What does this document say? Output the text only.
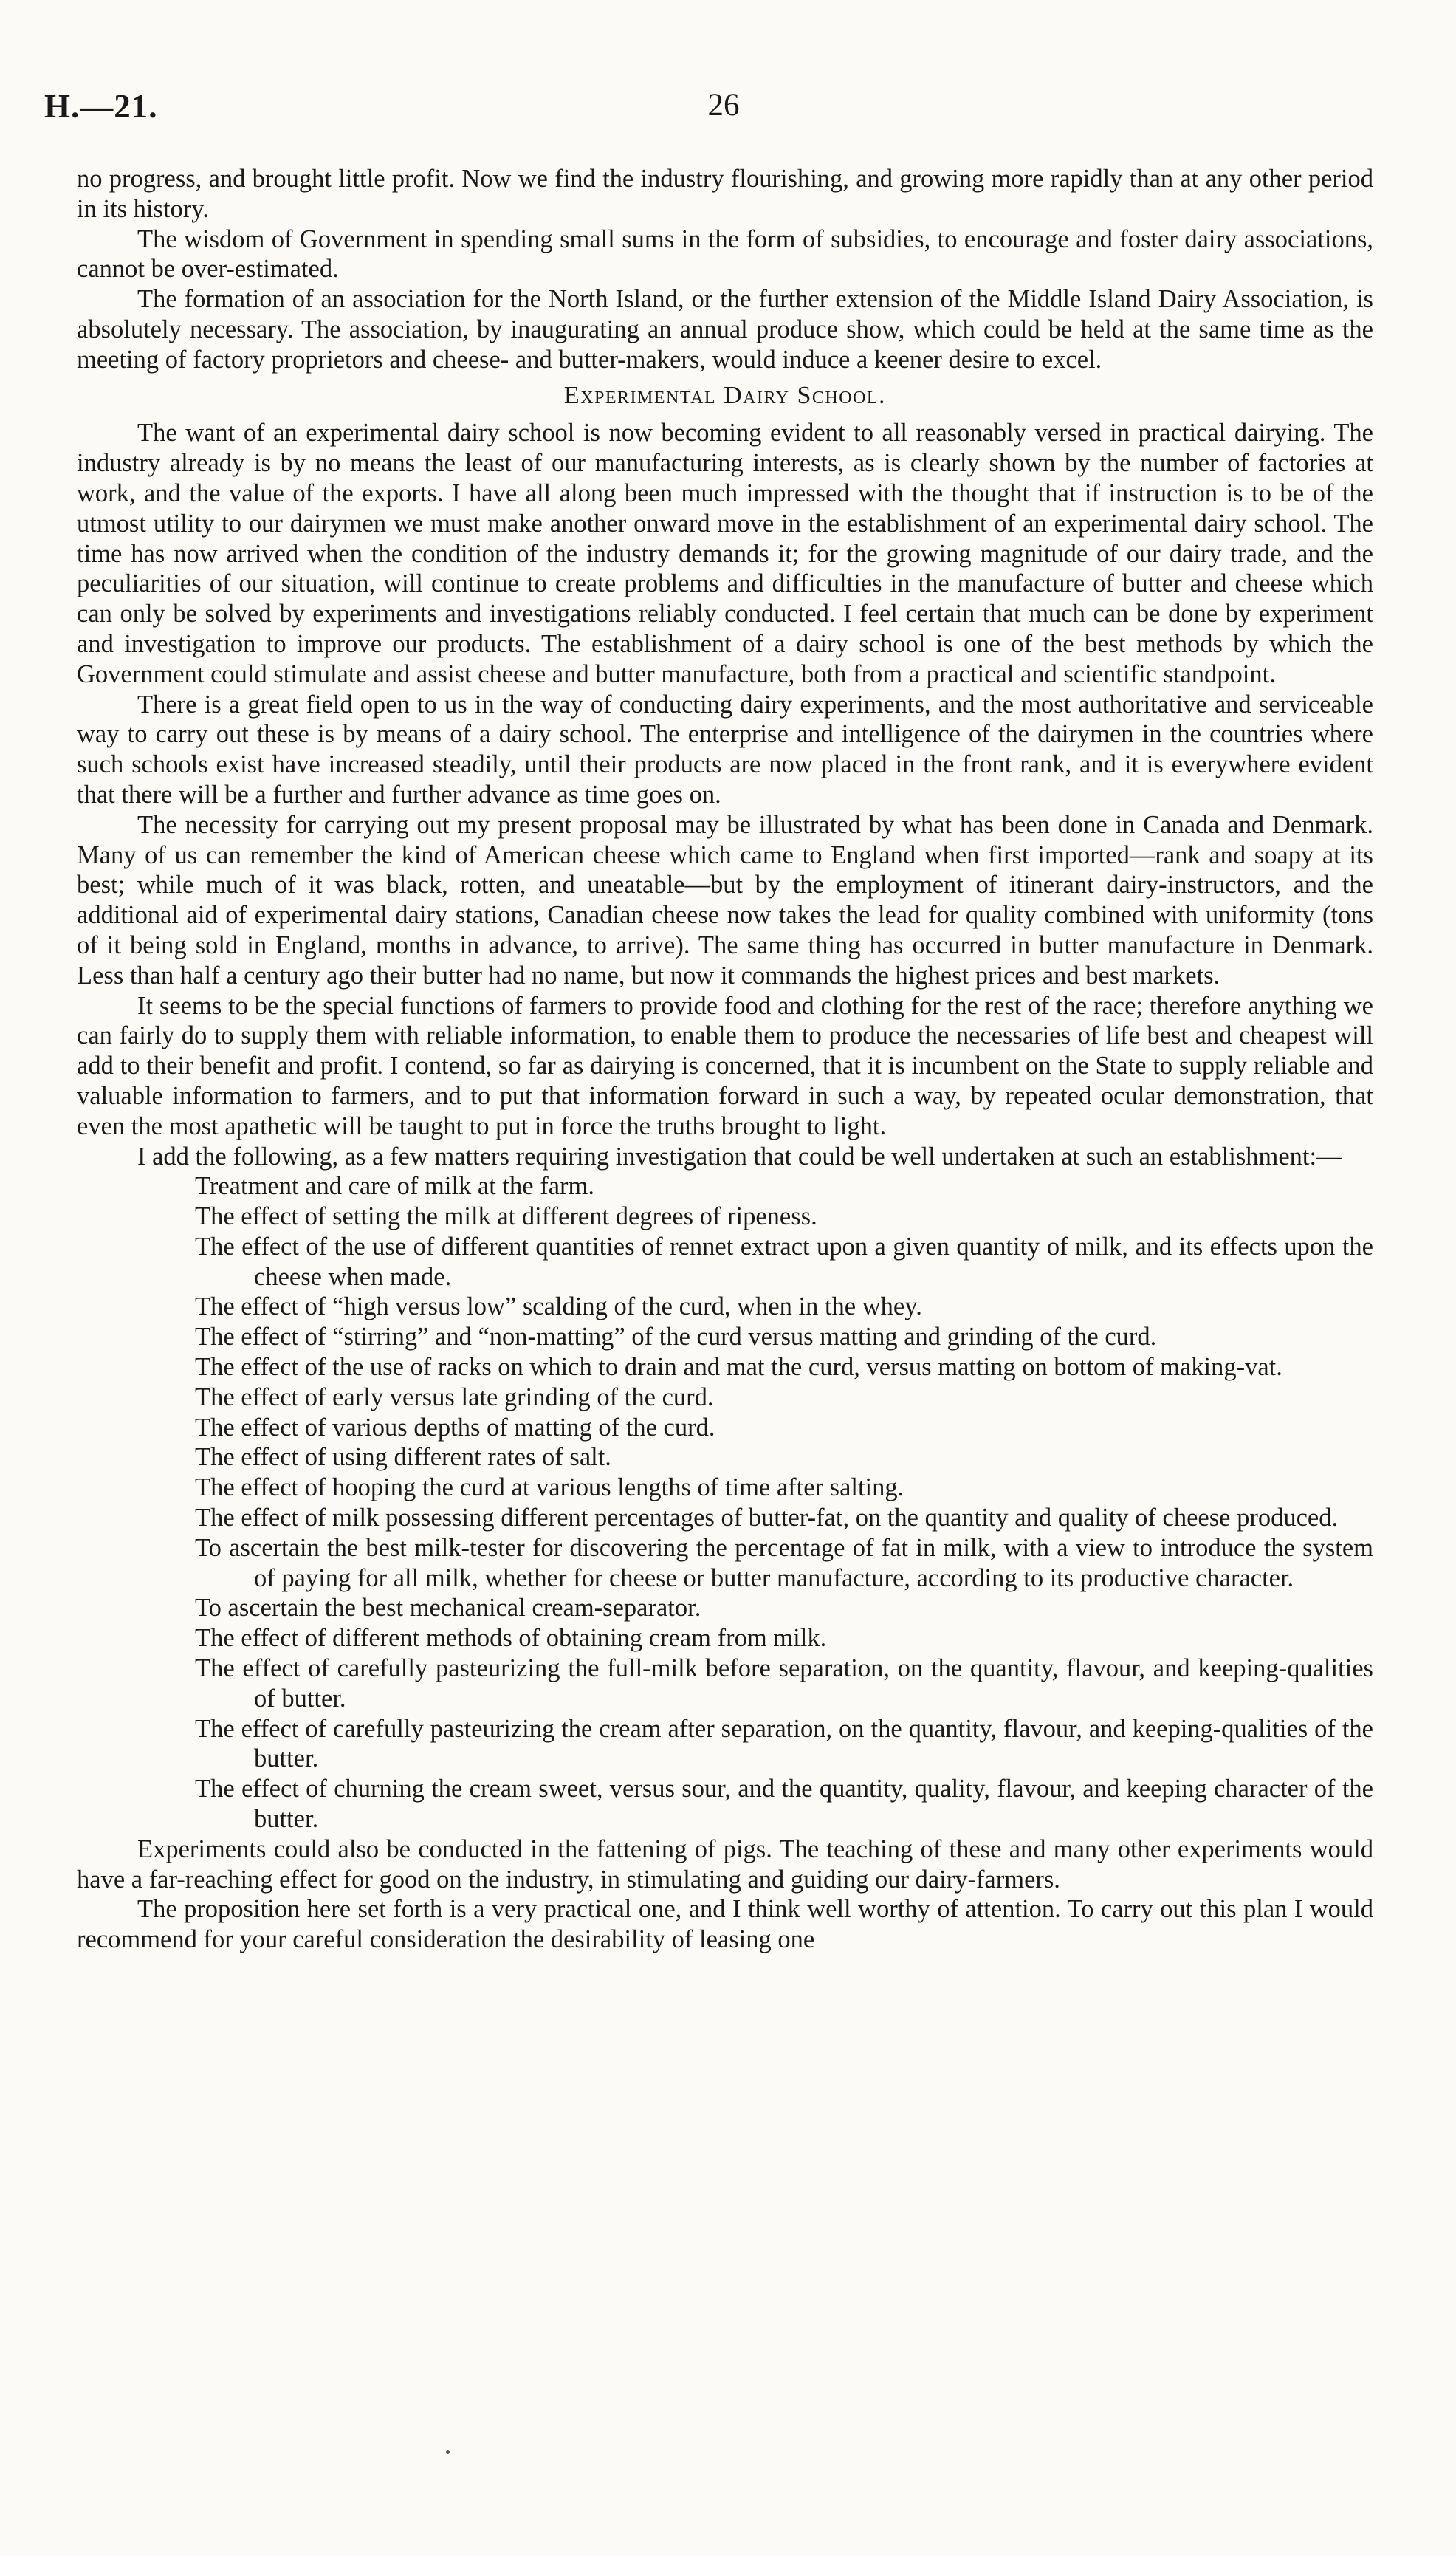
H.—21.	26

no progress, and brought little profit. Now we find the industry flourishing, and growing more rapidly than at any other period in its history.

The wisdom of Government in spending small sums in the form of subsidies, to encourage and foster dairy associations, cannot be over-estimated.

The formation of an association for the North Island, or the further extension of the Middle Island Dairy Association, is absolutely necessary. The association, by inaugurating an annual produce show, which could be held at the same time as the meeting of factory proprietors and cheese- and butter-makers, would induce a keener desire to excel.

Experimental Dairy School.

The want of an experimental dairy school is now becoming evident to all reasonably versed in practical dairying. The industry already is by no means the least of our manufacturing interests, as is clearly shown by the number of factories at work, and the value of the exports. I have all along been much impressed with the thought that if instruction is to be of the utmost utility to our dairymen we must make another onward move in the establishment of an experimental dairy school. The time has now arrived when the condition of the industry demands it; for the growing magnitude of our dairy trade, and the peculiarities of our situation, will continue to create problems and difficulties in the manufacture of butter and cheese which can only be solved by experiments and investigations reliably conducted. I feel certain that much can be done by experiment and investigation to improve our products. The establishment of a dairy school is one of the best methods by which the Government could stimulate and assist cheese and butter manufacture, both from a practical and scientific standpoint.

There is a great field open to us in the way of conducting dairy experiments, and the most authoritative and serviceable way to carry out these is by means of a dairy school. The enterprise and intelligence of the dairymen in the countries where such schools exist have increased steadily, until their products are now placed in the front rank, and it is everywhere evident that there will be a further and further advance as time goes on.

The necessity for carrying out my present proposal may be illustrated by what has been done in Canada and Denmark. Many of us can remember the kind of American cheese which came to England when first imported—rank and soapy at its best; while much of it was black, rotten, and uneatable—but by the employment of itinerant dairy-instructors, and the additional aid of experimental dairy stations, Canadian cheese now takes the lead for quality combined with uniformity (tons of it being sold in England, months in advance, to arrive). The same thing has occurred in butter manufacture in Denmark. Less than half a century ago their butter had no name, but now it commands the highest prices and best markets.

It seems to be the special functions of farmers to provide food and clothing for the rest of the race; therefore anything we can fairly do to supply them with reliable information, to enable them to produce the necessaries of life best and cheapest will add to their benefit and profit. I contend, so far as dairying is concerned, that it is incumbent on the State to supply reliable and valuable information to farmers, and to put that information forward in such a way, by repeated ocular demonstration, that even the most apathetic will be taught to put in force the truths brought to light.

I add the following, as a few matters requiring investigation that could be well undertaken at such an establishment:—

Treatment and care of milk at the farm.
The effect of setting the milk at different degrees of ripeness.
The effect of the use of different quantities of rennet extract upon a given quantity of milk, and its effects upon the cheese when made.
The effect of “high versus low” scalding of the curd, when in the whey.
The effect of “stirring” and “non-matting” of the curd versus matting and grinding of the curd.
The effect of the use of racks on which to drain and mat the curd, versus matting on bottom of making-vat.
The effect of early versus late grinding of the curd.
The effect of various depths of matting of the curd.
The effect of using different rates of salt.
The effect of hooping the curd at various lengths of time after salting.
The effect of milk possessing different percentages of butter-fat, on the quantity and quality of cheese produced.
To ascertain the best milk-tester for discovering the percentage of fat in milk, with a view to introduce the system of paying for all milk, whether for cheese or butter manufacture, according to its productive character.
To ascertain the best mechanical cream-separator.
The effect of different methods of obtaining cream from milk.
The effect of carefully pasteurizing the full-milk before separation, on the quantity, flavour, and keeping-qualities of butter.
The effect of carefully pasteurizing the cream after separation, on the quantity, flavour, and keeping-qualities of the butter.
The effect of churning the cream sweet, versus sour, and the quantity, quality, flavour, and keeping character of the butter.

Experiments could also be conducted in the fattening of pigs. The teaching of these and many other experiments would have a far-reaching effect for good on the industry, in stimulating and guiding our dairy-farmers.

The proposition here set forth is a very practical one, and I think well worthy of attention. To carry out this plan I would recommend for your careful consideration the desirability of leasing one
